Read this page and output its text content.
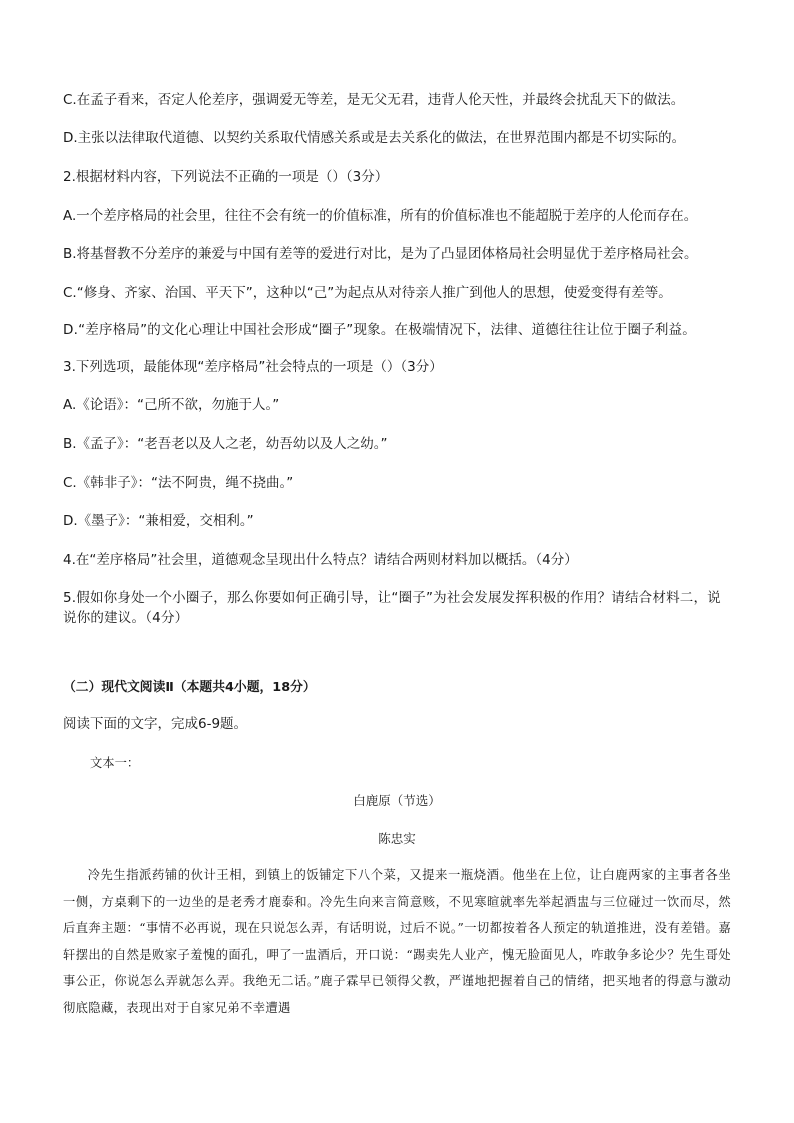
C.在孟子看来，否定人伦差序，强调爱无等差，是无父无君，违背人伦天性，并最终会扰乱天下的做法。
D.主张以法律取代道德、以契约关系取代情感关系或是去关系化的做法，在世界范围内都是不切实际的。
2.根据材料内容，下列说法不正确的一项是（）（3分）
A.一个差序格局的社会里，往往不会有统一的价值标准，所有的价值标准也不能超脱于差序的人伦而存在。
B.将基督教不分差序的兼爱与中国有差等的爱进行对比，是为了凸显团体格局社会明显优于差序格局社会。
C.“修身、齐家、治国、平天下”，这种以“己”为起点从对待亲人推广到他人的思想，使爱变得有差等。
D.“差序格局”的文化心理让中国社会形成“圈子”现象。在极端情况下，法律、道德往往让位于圈子利益。
3.下列选项，最能体现“差序格局”社会特点的一项是（）（3分）
A.《论语》：“己所不欲，勿施于人。”
B.《孟子》：“老吾老以及人之老，幼吾幼以及人之幼。”
C.《韩非子》：“法不阿贵，绳不挠曲。”
D.《墨子》：“兼相爱，交相利。”
4.在“差序格局”社会里，道德观念呈现出什么特点？请结合两则材料加以概括。（4分）
5.假如你身处一个小圈子，那么你要如何正确引导，让“圈子”为社会发展发挥积极的作用？请结合材料二，说说你的建议。（4分）
（二）现代文阅读Ⅱ（本题共4小题，18分）
阅读下面的文字，完成6-9题。
文本一：
白鹿原（节选）
陈忠实
冷先生指派药铺的伙计王相，到镇上的饭铺定下八个菜，又提来一瓶烧酒。他坐在上位，让白鹿两家的主事者各坐一侧，方桌剩下的一边坐的是老秀才鹿泰和。冷先生向来言简意赅，不见寒暄就率先举起酒盅与三位碰过一饮而尽，然后直奔主题：“事情不必再说，现在只说怎么弄，有话明说，过后不说。”一切都按着各人预定的轨道推进，没有差错。嘉轩摆出的自然是败家子羞愧的面孔，呷了一盅酒后，开口说：“踢卖先人业产，愧无脸面见人，咋敢争多论少？先生哥处事公正，你说怎么弄就怎么弄。我绝无二话。”鹿子霖早已领得父教，严谨地把握着自己的情绪，把买地者的得意与激动彻底隐藏，表现出对于自家兄弟不幸遭遇
